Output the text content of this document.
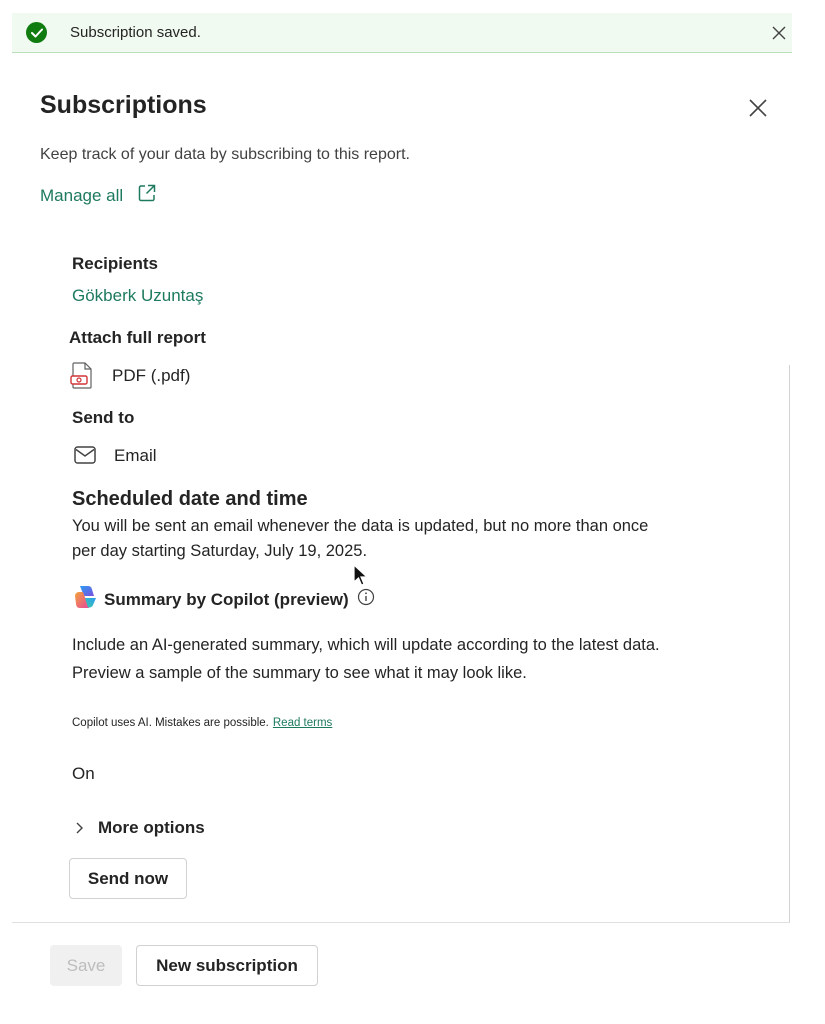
Subscription saved.
Subscriptions
Keep track of your data by subscribing to this report.
Manage all
Recipients
Gökberk Uzuntaş
Attach full report
PDF (.pdf)
Send to
Email
Scheduled date and time
You will be sent an email whenever the data is updated, but no more than once
per day starting Saturday, July 19, 2025.
Summary by Copilot (preview)
Include an AI-generated summary, which will update according to the latest data.
Preview a sample of the summary to see what it may look like.
Copilot uses AI. Mistakes are possible. Read terms
On
More options
Send now
Save	New subscription
